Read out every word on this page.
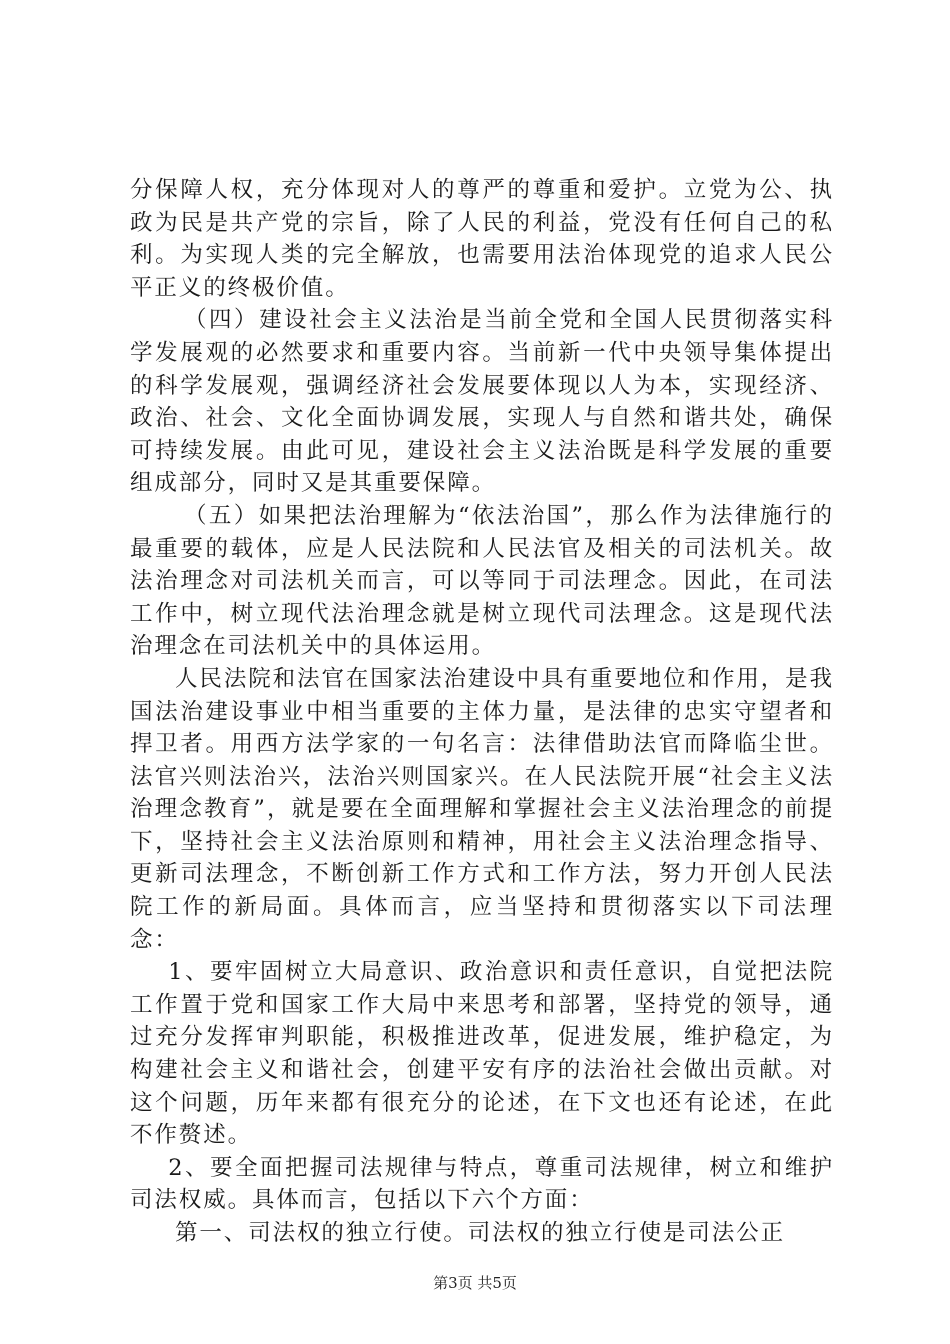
分保障人权，充分体现对人的尊严的尊重和爱护。立党为公、执政为民是共产党的宗旨，除了人民的利益，党没有任何自己的私利。为实现人类的完全解放，也需要用法治体现党的追求人民公平正义的终极价值。

（四）建设社会主义法治是当前全党和全国人民贯彻落实科学发展观的必然要求和重要内容。当前新一代中央领导集体提出的科学发展观，强调经济社会发展要体现以人为本，实现经济、政治、社会、文化全面协调发展，实现人与自然和谐共处，确保可持续发展。由此可见，建设社会主义法治既是科学发展的重要组成部分，同时又是其重要保障。

（五）如果把法治理解为“依法治国”，那么作为法律施行的最重要的载体，应是人民法院和人民法官及相关的司法机关。故法治理念对司法机关而言，可以等同于司法理念。因此，在司法工作中，树立现代法治理念就是树立现代司法理念。这是现代法治理念在司法机关中的具体运用。

人民法院和法官在国家法治建设中具有重要地位和作用，是我国法治建设事业中相当重要的主体力量，是法律的忠实守望者和捍卫者。用西方法学家的一句名言：法律借助法官而降临尘世。法官兴则法治兴，法治兴则国家兴。在人民法院开展“社会主义法治理念教育”，就是要在全面理解和掌握社会主义法治理念的前提下，坚持社会主义法治原则和精神，用社会主义法治理念指导、更新司法理念，不断创新工作方式和工作方法，努力开创人民法院工作的新局面。具体而言，应当坚持和贯彻落实以下司法理念：

1、要牢固树立大局意识、政治意识和责任意识，自觉把法院工作置于党和国家工作大局中来思考和部署，坚持党的领导，通过充分发挥审判职能，积极推进改革，促进发展，维护稳定，为构建社会主义和谐社会，创建平安有序的法治社会做出贡献。对这个问题，历年来都有很充分的论述，在下文也还有论述，在此不作赘述。

2、要全面把握司法规律与特点，尊重司法规律，树立和维护司法权威。具体而言，包括以下六个方面：

第一、司法权的独立行使。司法权的独立行使是司法公正

第3页 共5页
